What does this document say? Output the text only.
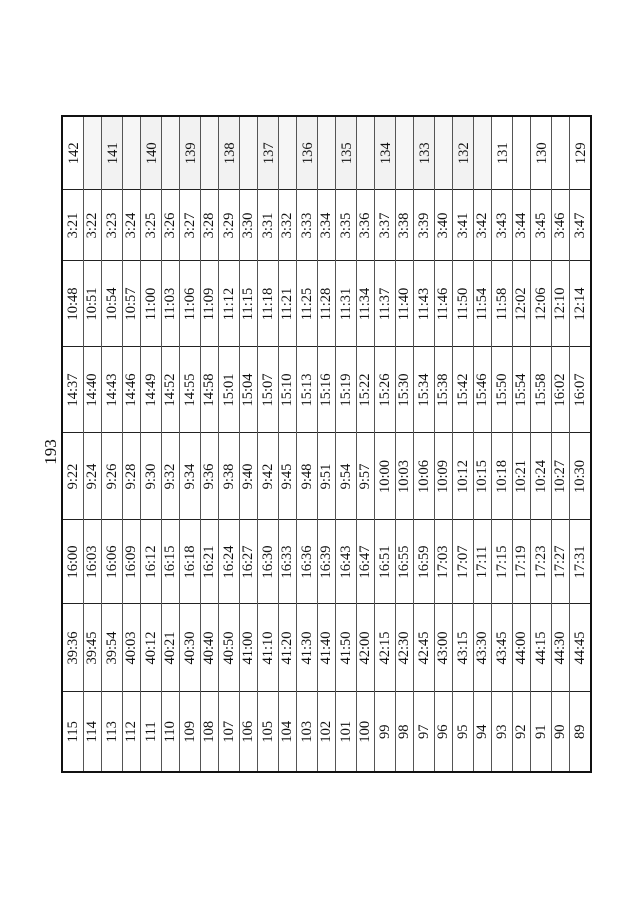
193
115	39:36	16:00	9:22	14:37	10:48	3:21	142
114	39:45	16:03	9:24	14:40	10:51	3:22	
113	39:54	16:06	9:26	14:43	10:54	3:23	141
112	40:03	16:09	9:28	14:46	10:57	3:24	
111	40:12	16:12	9:30	14:49	11:00	3:25	140
110	40:21	16:15	9:32	14:52	11:03	3:26	
109	40:30	16:18	9:34	14:55	11:06	3:27	139
108	40:40	16:21	9:36	14:58	11:09	3:28	
107	40:50	16:24	9:38	15:01	11:12	3:29	138
106	41:00	16:27	9:40	15:04	11:15	3:30	
105	41:10	16:30	9:42	15:07	11:18	3:31	137
104	41:20	16:33	9:45	15:10	11:21	3:32	
103	41:30	16:36	9:48	15:13	11:25	3:33	136
102	41:40	16:39	9:51	15:16	11:28	3:34	
101	41:50	16:43	9:54	15:19	11:31	3:35	135
100	42:00	16:47	9:57	15:22	11:34	3:36	
99	42:15	16:51	10:00	15:26	11:37	3:37	134
98	42:30	16:55	10:03	15:30	11:40	3:38	
97	42:45	16:59	10:06	15:34	11:43	3:39	133
96	43:00	17:03	10:09	15:38	11:46	3:40	
95	43:15	17:07	10:12	15:42	11:50	3:41	132
94	43:30	17:11	10:15	15:46	11:54	3:42	
93	43:45	17:15	10:18	15:50	11:58	3:43	131
92	44:00	17:19	10:21	15:54	12:02	3:44	
91	44:15	17:23	10:24	15:58	12:06	3:45	130
90	44:30	17:27	10:27	16:02	12:10	3:46	
89	44:45	17:31	10:30	16:07	12:14	3:47	129
